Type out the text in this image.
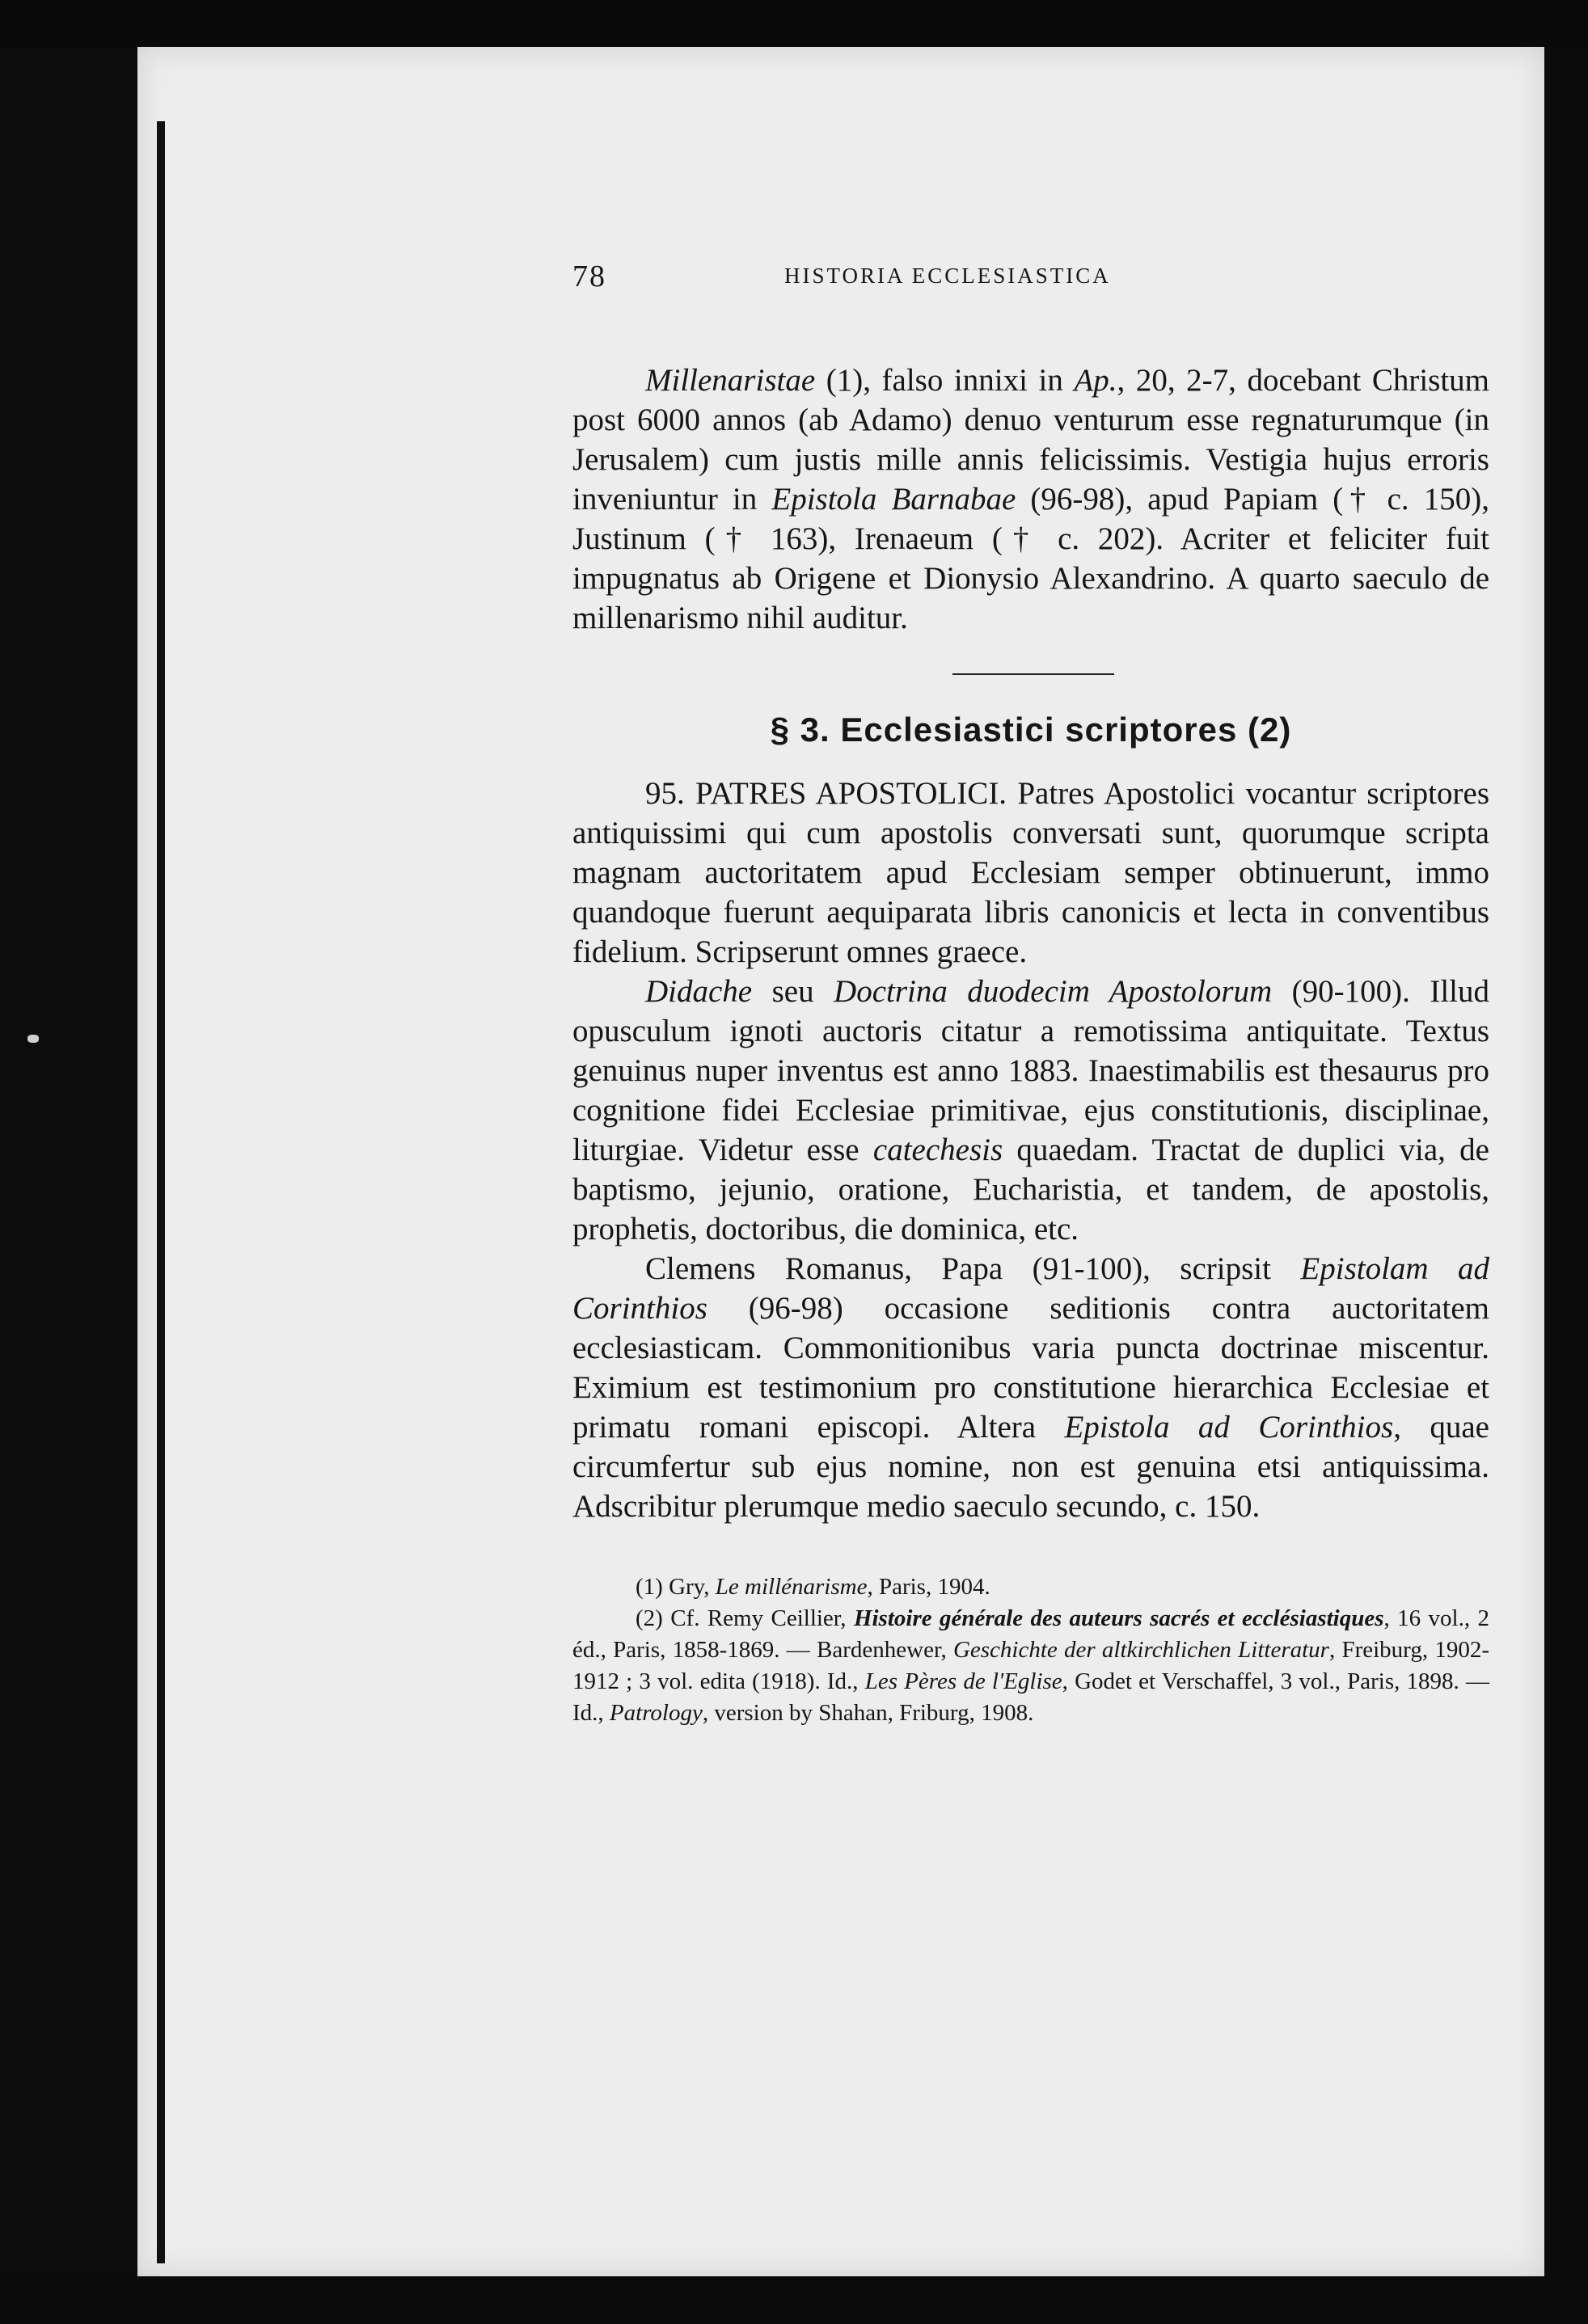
78	HISTORIA ECCLESIASTICA

Millenaristae (1), falso innixi in Ap., 20, 2-7, docebant Christum post 6000 annos (ab Adamo) denuo venturum esse regnaturumque (in Jerusalem) cum justis mille annis felicissimis. Vestigia hujus erroris inveniuntur in Epistola Barnabae (96-98), apud Papiam († c. 150), Justinum († 163), Irenaeum († c. 202). Acriter et feliciter fuit impugnatus ab Origene et Dionysio Alexandrino. A quarto saeculo de millenarismo nihil auditur.

§ 3. Ecclesiastici scriptores (2)

95. PATRES APOSTOLICI. Patres Apostolici vocantur scriptores antiquissimi qui cum apostolis conversati sunt, quorumque scripta magnam auctoritatem apud Ecclesiam semper obtinuerunt, immo quandoque fuerunt aequiparata libris canonicis et lecta in conventibus fidelium. Scripserunt omnes graece.

Didache seu Doctrina duodecim Apostolorum (90-100). Illud opusculum ignoti auctoris citatur a remotissima antiquitate. Textus genuinus nuper inventus est anno 1883. Inaestimabilis est thesaurus pro cognitione fidei Ecclesiae primitivae, ejus constitutionis, disciplinae, liturgiae. Videtur esse catechesis quaedam. Tractat de duplici via, de baptismo, jejunio, oratione, Eucharistia, et tandem, de apostolis, prophetis, doctoribus, die dominica, etc.

Clemens Romanus, Papa (91-100), scripsit Epistolam ad Corinthios (96-98) occasione seditionis contra auctoritatem ecclesiasticam. Commonitionibus varia puncta doctrinae miscentur. Eximium est testimonium pro constitutione hierarchica Ecclesiae et primatu romani episcopi. Altera Epistola ad Corinthios, quae circumfertur sub ejus nomine, non est genuina etsi antiquissima. Adscribitur plerumque medio saeculo secundo, c. 150.

(1) Gry, Le millénarisme, Paris, 1904.

(2) Cf. Remy Ceillier, Histoire générale des auteurs sacrés et ecclésiastiques, 16 vol., 2 éd., Paris, 1858-1869. — Bardenhewer, Geschichte der altkirchlichen Litteratur, Freiburg, 1902-1912 ; 3 vol. edita (1918). Id., Les Pères de l'Eglise, Godet et Verschaffel, 3 vol., Paris, 1898. — Id., Patrology, version by Shahan, Friburg, 1908.
